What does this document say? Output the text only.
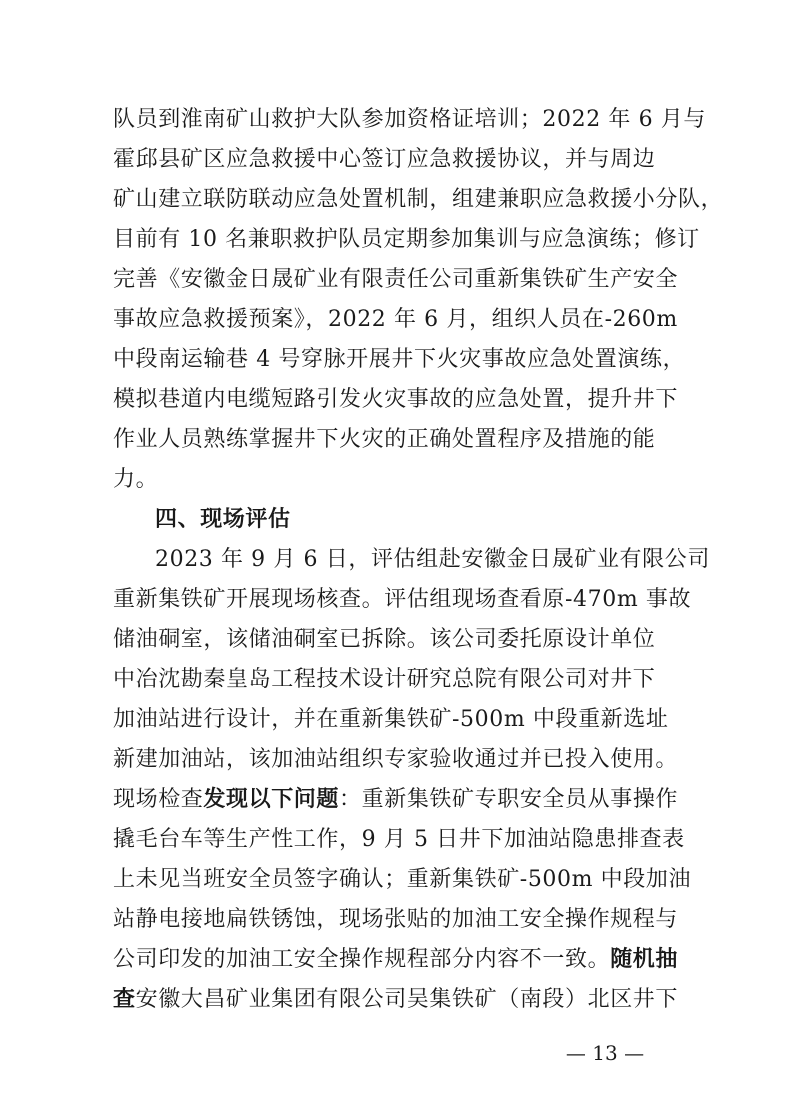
队员到淮南矿山救护大队参加资格证培训；2022 年 6 月与
霍邱县矿区应急救援中心签订应急救援协议，并与周边
矿山建立联防联动应急处置机制，组建兼职应急救援小分队，
目前有 10 名兼职救护队员定期参加集训与应急演练；修订
完善《安徽金日晟矿业有限责任公司重新集铁矿生产安全
事故应急救援预案》，2022 年 6 月，组织人员在-260m
中段南运输巷 4 号穿脉开展井下火灾事故应急处置演练，
模拟巷道内电缆短路引发火灾事故的应急处置，提升井下
作业人员熟练掌握井下火灾的正确处置程序及措施的能
力。
四、现场评估
2023 年 9 月 6 日，评估组赴安徽金日晟矿业有限公司
重新集铁矿开展现场核查。评估组现场查看原-470m 事故
储油硐室，该储油硐室已拆除。该公司委托原设计单位
中冶沈勘秦皇岛工程技术设计研究总院有限公司对井下
加油站进行设计，并在重新集铁矿-500m 中段重新选址
新建加油站，该加油站组织专家验收通过并已投入使用。
现场检查发现以下问题：重新集铁矿专职安全员从事操作
撬毛台车等生产性工作，9 月 5 日井下加油站隐患排查表
上未见当班安全员签字确认；重新集铁矿-500m 中段加油
站静电接地扁铁锈蚀，现场张贴的加油工安全操作规程与
公司印发的加油工安全操作规程部分内容不一致。随机抽
查安徽大昌矿业集团有限公司吴集铁矿（南段）北区井下
— 13 —
